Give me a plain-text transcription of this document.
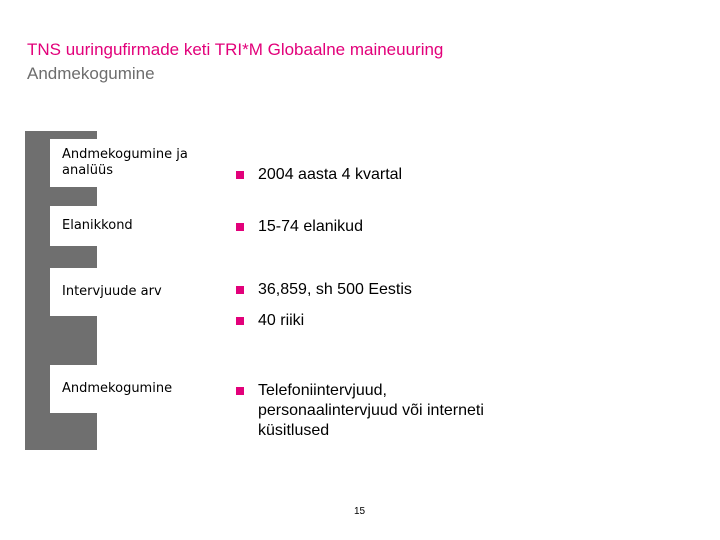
TNS uuringufirmade keti TRI*M Globaalne maineuuring
Andmekogumine
Andmekogumine ja analüüs
Elanikkond
Intervjuude arv
Andmekogumine
2004 aasta 4 kvartal
15-74 elanikud
36,859, sh 500 Eestis
40 riiki
Telefoniintervjuud, personaalintervjuud või interneti küsitlused
15
